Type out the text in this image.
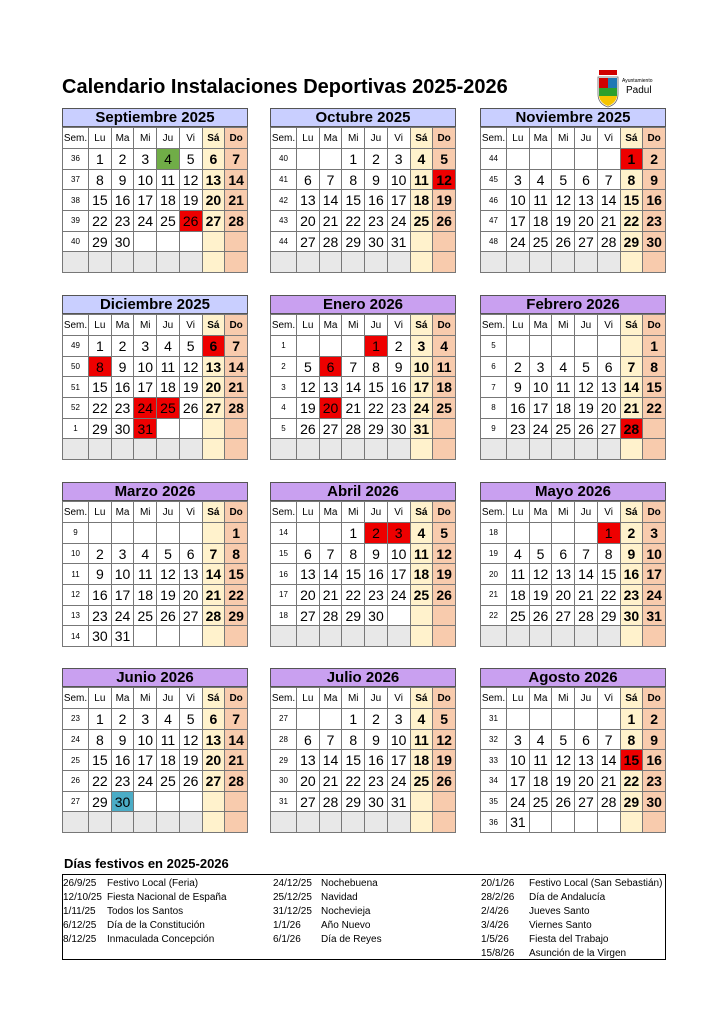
Calendario Instalaciones Deportivas 2025-2026	Ayuntamiento
Padul
Septiembre 2025
Sem.	Lu	Ma	Mi	Ju	Vi	Sá	Do
36	1	2	3	4	5	6	7
37	8	9	10	11	12	13	14
38	15	16	17	18	19	20	21
39	22	23	24	25	26	27	28
40	29	30					

Octubre 2025
Sem.	Lu	Ma	Mi	Ju	Vi	Sá	Do
40			1	2	3	4	5
41	6	7	8	9	10	11	12
42	13	14	15	16	17	18	19
43	20	21	22	23	24	25	26
44	27	28	29	30	31		

Noviembre 2025
Sem.	Lu	Ma	Mi	Ju	Vi	Sá	Do
44						1	2
45	3	4	5	6	7	8	9
46	10	11	12	13	14	15	16
47	17	18	19	20	21	22	23
48	24	25	26	27	28	29	30

Diciembre 2025
Sem.	Lu	Ma	Mi	Ju	Vi	Sá	Do
49	1	2	3	4	5	6	7
50	8	9	10	11	12	13	14
51	15	16	17	18	19	20	21
52	22	23	24	25	26	27	28
1	29	30	31				

Enero 2026
Sem.	Lu	Ma	Mi	Ju	Vi	Sá	Do
1				1	2	3	4
2	5	6	7	8	9	10	11
3	12	13	14	15	16	17	18
4	19	20	21	22	23	24	25
5	26	27	28	29	30	31	

Febrero 2026
Sem.	Lu	Ma	Mi	Ju	Vi	Sá	Do
5							1
6	2	3	4	5	6	7	8
7	9	10	11	12	13	14	15
8	16	17	18	19	20	21	22
9	23	24	25	26	27	28	

Marzo 2026
Sem.	Lu	Ma	Mi	Ju	Vi	Sá	Do
9							1
10	2	3	4	5	6	7	8
11	9	10	11	12	13	14	15
12	16	17	18	19	20	21	22
13	23	24	25	26	27	28	29
14	30	31					
Abril 2026
Sem.	Lu	Ma	Mi	Ju	Vi	Sá	Do
14			1	2	3	4	5
15	6	7	8	9	10	11	12
16	13	14	15	16	17	18	19
17	20	21	22	23	24	25	26
18	27	28	29	30			

Mayo 2026
Sem.	Lu	Ma	Mi	Ju	Vi	Sá	Do
18					1	2	3
19	4	5	6	7	8	9	10
20	11	12	13	14	15	16	17
21	18	19	20	21	22	23	24
22	25	26	27	28	29	30	31

Junio 2026
Sem.	Lu	Ma	Mi	Ju	Vi	Sá	Do
23	1	2	3	4	5	6	7
24	8	9	10	11	12	13	14
25	15	16	17	18	19	20	21
26	22	23	24	25	26	27	28
27	29	30					

Julio 2026
Sem.	Lu	Ma	Mi	Ju	Vi	Sá	Do
27			1	2	3	4	5
28	6	7	8	9	10	11	12
29	13	14	15	16	17	18	19
30	20	21	22	23	24	25	26
31	27	28	29	30	31		

Agosto 2026
Sem.	Lu	Ma	Mi	Ju	Vi	Sá	Do
31						1	2
32	3	4	5	6	7	8	9
33	10	11	12	13	14	15	16
34	17	18	19	20	21	22	23
35	24	25	26	27	28	29	30
36	31						
Días festivos en 2025-2026
26/9/25 Festivo Local (Feria)
12/10/25 Fiesta Nacional de España
1/11/25 Todos los Santos
6/12/25 Día de la Constitución
8/12/25 Inmaculada Concepción
24/12/25 Nochebuena
25/12/25 Navidad
31/12/25 Nochevieja
1/1/26 Año Nuevo
6/1/26 Día de Reyes
20/1/26 Festivo Local (San Sebastián)
28/2/26 Día de Andalucía
2/4/26 Jueves Santo
3/4/26 Viernes Santo
1/5/26 Fiesta del Trabajo
15/8/26 Asunción de la Virgen
